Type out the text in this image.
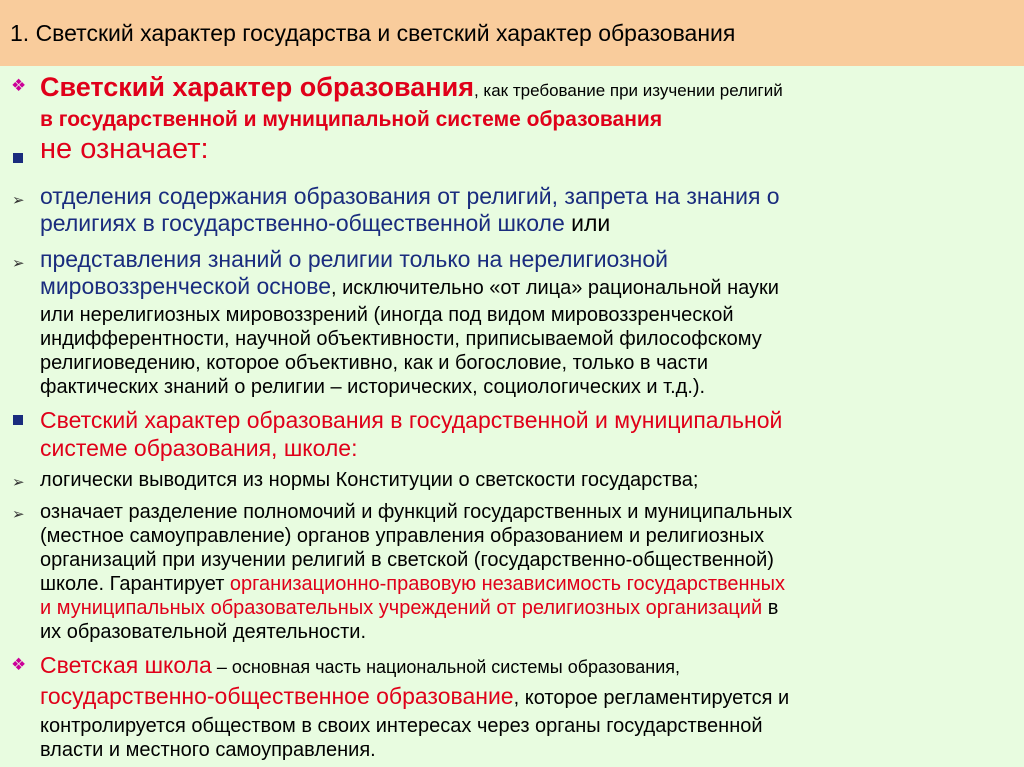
1. Светский характер государства и светский характер образования
❖ Светский характер образования, как требование при изучении религий
в государственной и муниципальной системе образования
не означает:
➢ отделения содержания образования от религий, запрета на знания о
религиях в государственно-общественной школе или
➢ представления знаний о религии только на нерелигиозной
мировоззренческой основе, исключительно «от лица» рациональной науки
или нерелигиозных мировоззрений (иногда под видом мировоззренческой
индифферентности, научной объективности, приписываемой философскому
религиоведению, которое объективно, как и богословие, только в части
фактических знаний о религии – исторических, социологических и т.д.).
Светский характер образования в государственной и муниципальной
системе образования, школе:
➢ логически выводится из нормы Конституции о светскости государства;
➢ означает разделение полномочий и функций государственных и муниципальных
(местное самоуправление) органов управления образованием и религиозных
организаций при изучении религий в светской (государственно-общественной)
школе. Гарантирует организационно-правовую независимость государственных
и муниципальных образовательных учреждений от религиозных организаций в
их образовательной деятельности.
❖ Светская школа – основная часть национальной системы образования,
государственно-общественное образование, которое регламентируется и
контролируется обществом в своих интересах через органы государственной
власти и местного самоуправления.
